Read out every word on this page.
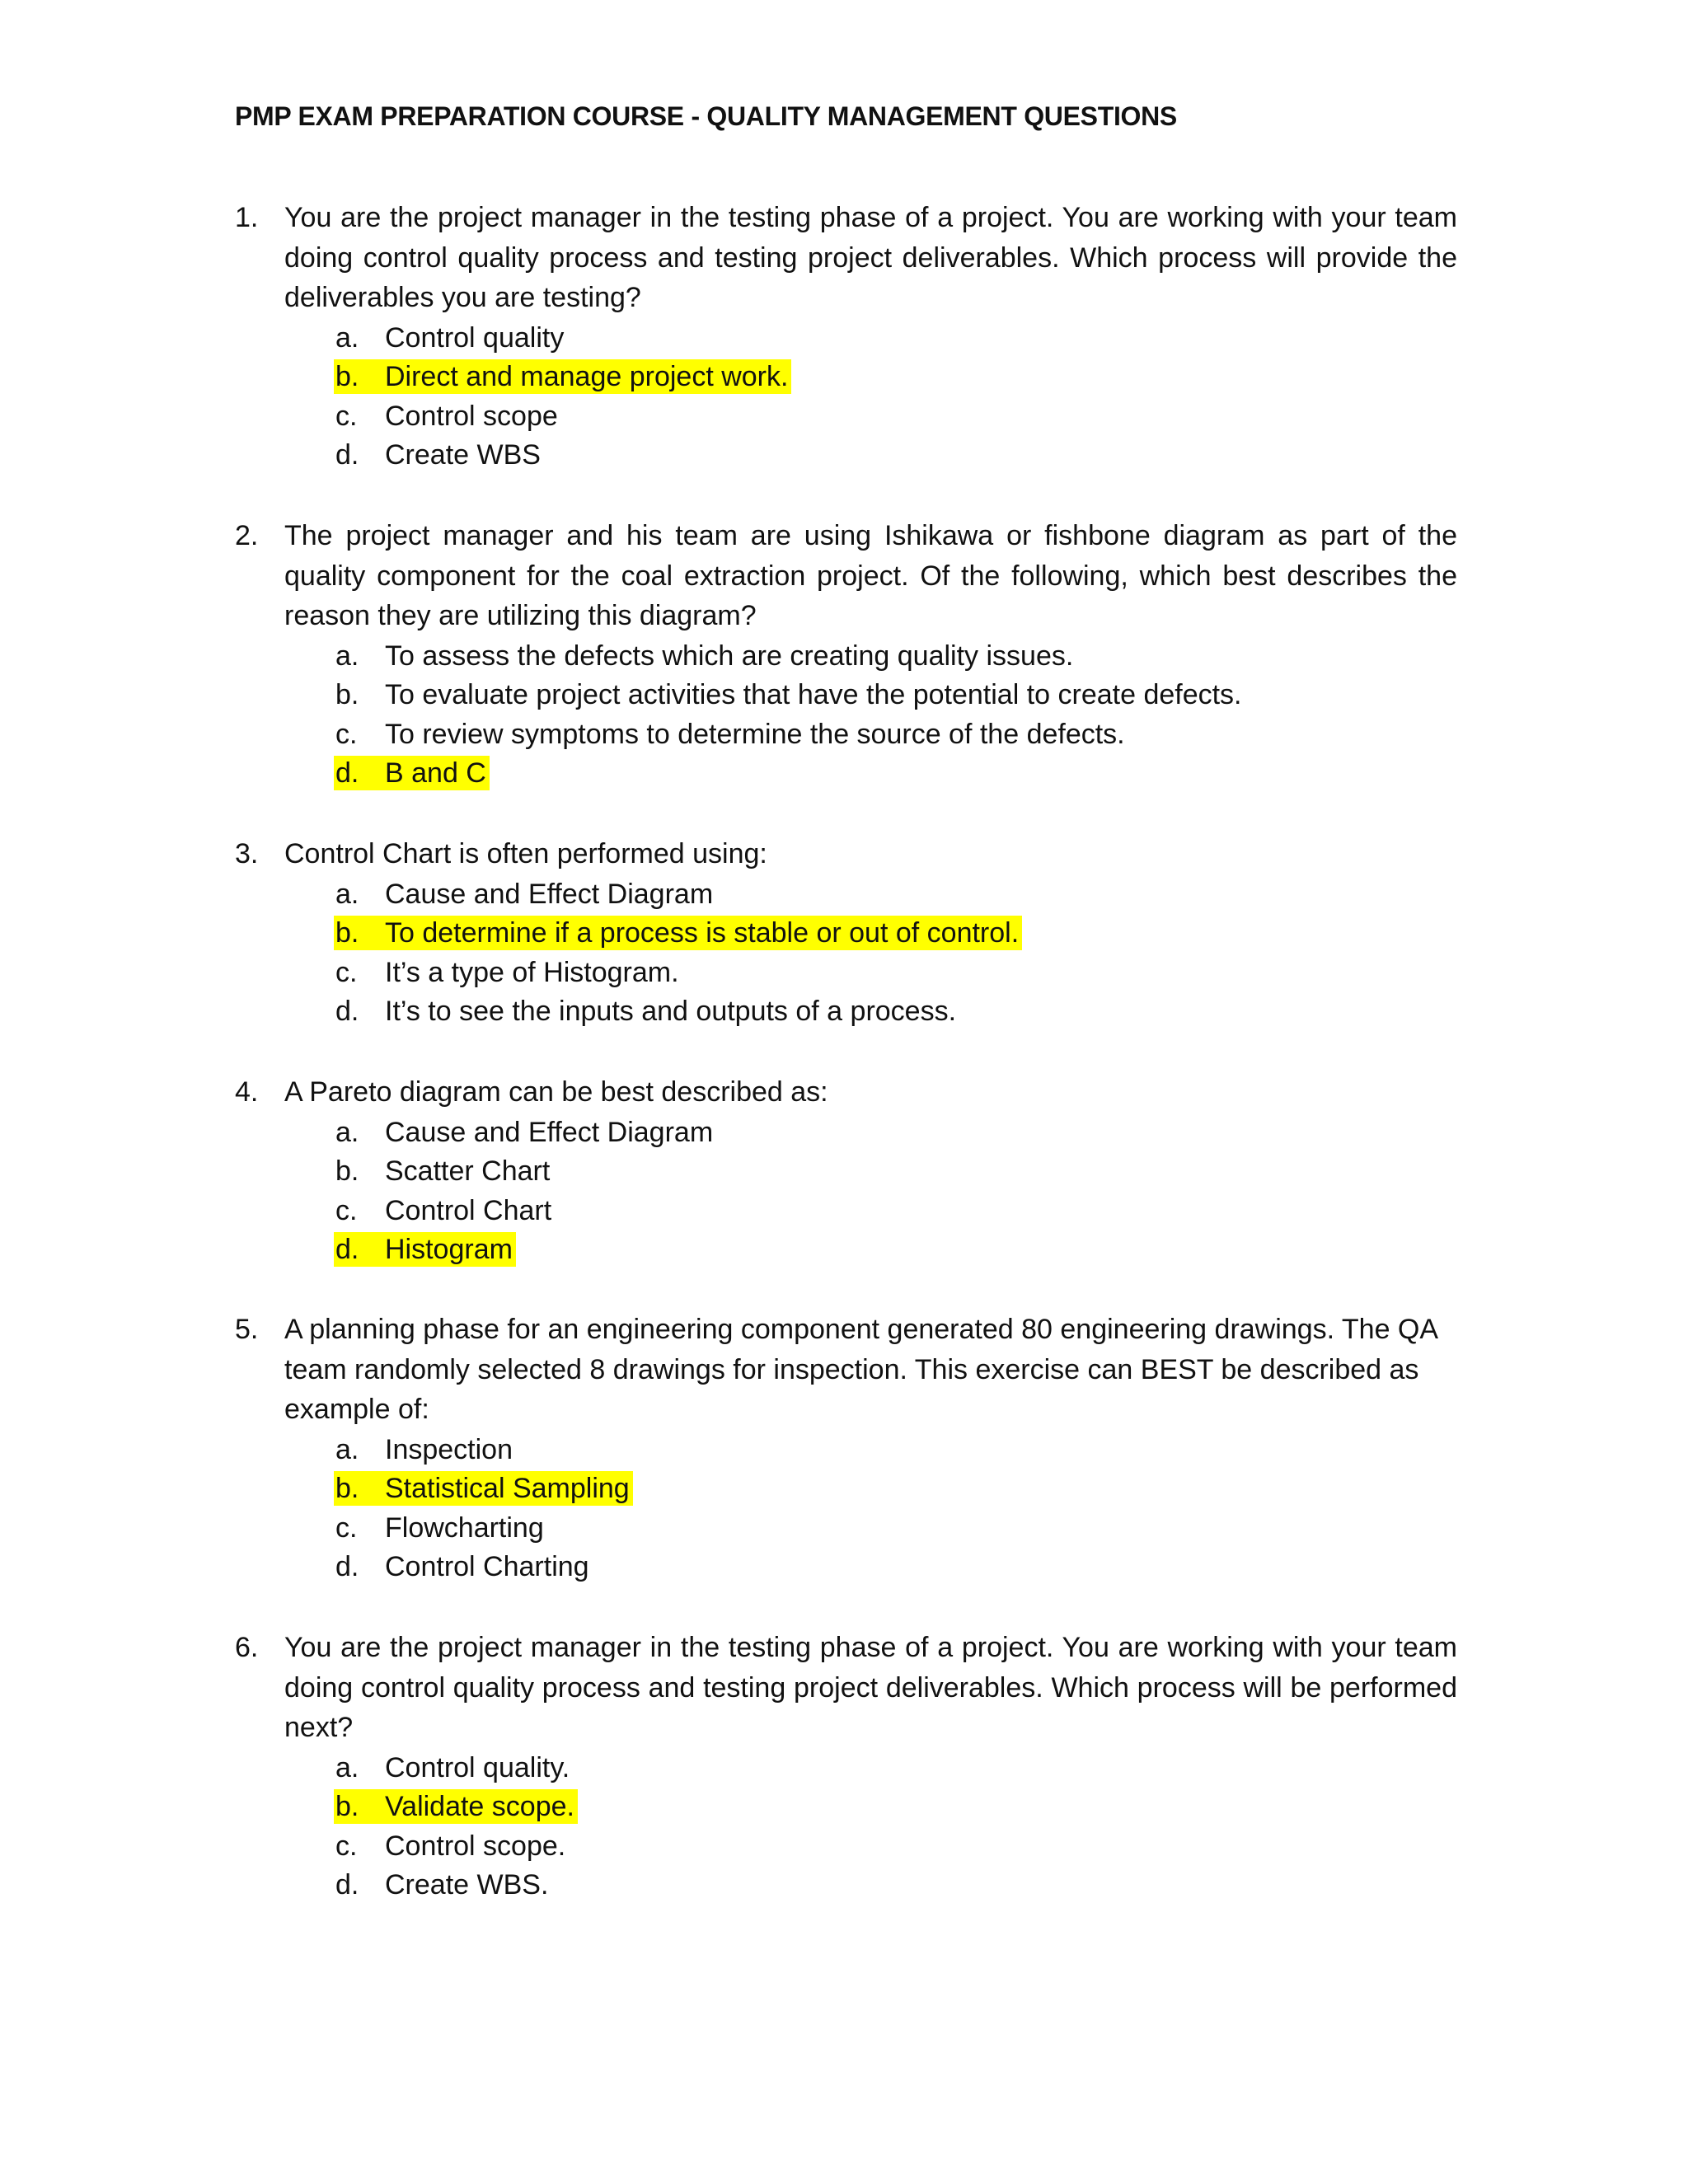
PMP EXAM PREPARATION COURSE - QUALITY MANAGEMENT QUESTIONS
1. You are the project manager in the testing phase of a project. You are working with your team doing control quality process and testing project deliverables. Which process will provide the deliverables you are testing?
a. Control quality
b. Direct and manage project work.
c. Control scope
d. Create WBS
2. The project manager and his team are using Ishikawa or fishbone diagram as part of the quality component for the coal extraction project. Of the following, which best describes the reason they are utilizing this diagram?
a. To assess the defects which are creating quality issues.
b. To evaluate project activities that have the potential to create defects.
c. To review symptoms to determine the source of the defects.
d. B and C
3. Control Chart is often performed using:
a. Cause and Effect Diagram
b. To determine if a process is stable or out of control.
c. It’s a type of Histogram.
d. It’s to see the inputs and outputs of a process.
4. A Pareto diagram can be best described as:
a. Cause and Effect Diagram
b. Scatter Chart
c. Control Chart
d. Histogram
5. A planning phase for an engineering component generated 80 engineering drawings. The QA team randomly selected 8 drawings for inspection. This exercise can BEST be described as example of:
a. Inspection
b. Statistical Sampling
c. Flowcharting
d. Control Charting
6. You are the project manager in the testing phase of a project. You are working with your team doing control quality process and testing project deliverables. Which process will be performed next?
a. Control quality.
b. Validate scope.
c. Control scope.
d. Create WBS.
